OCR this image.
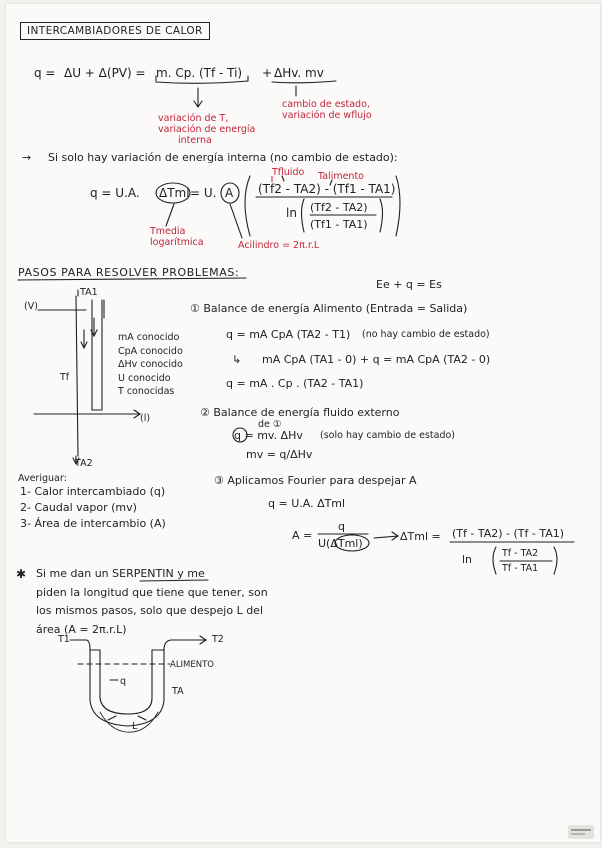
INTERCAMBIADORES DE CALOR
q = ΔU + Δ(PV) = m. Cp. (Tf - Ti) + ΔHv. mv
variación de T,
variación de energía
interna
cambio de estado,
variación de wflujo
→ Si solo hay variación de energía interna (no cambio de estado):
Tfluido Talimento
q = U.A. ΔTml = U. A (Tf2 - TA2) - (Tf1 - TA1)
ln (Tf2 - TA2)
(Tf1 - TA1)
Tmedia
logarítmica	Acilindro = 2π.r.L
PASOS PARA RESOLVER PROBLEMAS:
Ee + q = Es
(V)
TA1
Tf
(l)
TA2
mA conocido
CpA conocido
ΔHv conocido
U conocido
T conocidas
① Balance de energía Alimento (Entrada = Salida)
q = mA CpA (TA2 - T1) (no hay cambio de estado)
↳ mA CpA (TA1 - 0) + q = mA CpA (TA2 - 0)
q = mA . Cp . (TA2 - TA1)
② Balance de energía fluido externo
de ①
q = mv. ΔHv (solo hay cambio de estado)
mv = q/ΔHv
Averiguar:
1- Calor intercambiado (q)
2- Caudal vapor (mv)
3- Área de intercambio (A)
③ Aplicamos Fourier para despejar A
q = U.A. ΔTml
A =
q
U(ΔTml)
ΔTml = (Tf - TA2) - (Tf - TA1)
ln	Tf - TA2
Tf - TA1
✱ Si me dan un SERPENTIN y me
piden la longitud que tiene que tener, son
los mismos pasos, solo que despejo L del
área (A = 2π.r.L)
T1	T2
ALIMENTO
q
TA
L
